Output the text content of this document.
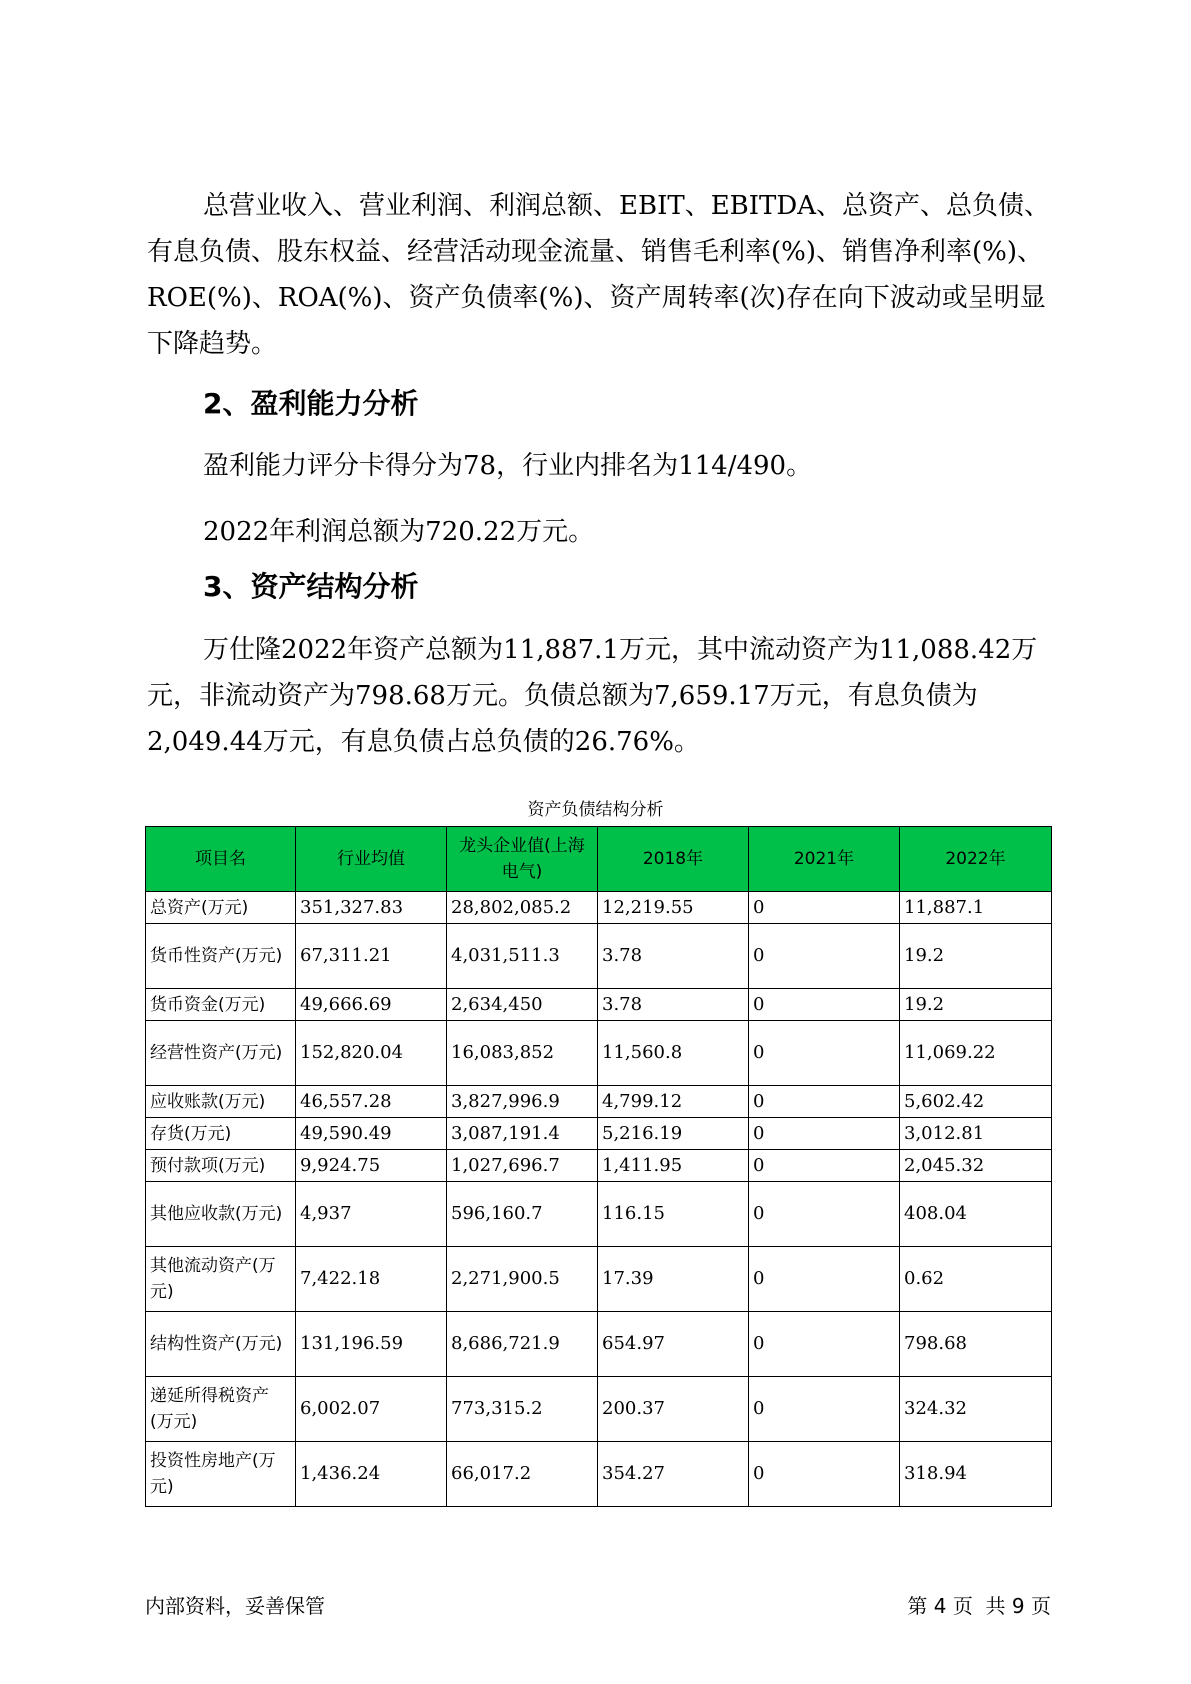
总营业收入、营业利润、利润总额、EBIT、EBITDA、总资产、总负债、有息负债、股东权益、经营活动现金流量、销售毛利率(%)、销售净利率(%)、ROE(%)、ROA(%)、资产负债率(%)、资产周转率(次)存在向下波动或呈明显下降趋势。

2、盈利能力分析

盈利能力评分卡得分为78，行业内排名为114/490。

2022年利润总额为720.22万元。

3、资产结构分析

万仕隆2022年资产总额为11,887.1万元，其中流动资产为11,088.42万元，非流动资产为798.68万元。负债总额为7,659.17万元，有息负债为2,049.44万元，有息负债占总负债的26.76%。

资产负债结构分析
项目名	行业均值	龙头企业值(上海电气)	2018年	2021年	2022年
总资产(万元)	351,327.83	28,802,085.2	12,219.55	0	11,887.1
货币性资产(万元)	67,311.21	4,031,511.3	3.78	0	19.2
货币资金(万元)	49,666.69	2,634,450	3.78	0	19.2
经营性资产(万元)	152,820.04	16,083,852	11,560.8	0	11,069.22
应收账款(万元)	46,557.28	3,827,996.9	4,799.12	0	5,602.42
存货(万元)	49,590.49	3,087,191.4	5,216.19	0	3,012.81
预付款项(万元)	9,924.75	1,027,696.7	1,411.95	0	2,045.32
其他应收款(万元)	4,937	596,160.7	116.15	0	408.04
其他流动资产(万元)	7,422.18	2,271,900.5	17.39	0	0.62
结构性资产(万元)	131,196.59	8,686,721.9	654.97	0	798.68
递延所得税资产(万元)	6,002.07	773,315.2	200.37	0	324.32
投资性房地产(万元)	1,436.24	66,017.2	354.27	0	318.94
内部资料，妥善保管	第 4 页  共 9 页
